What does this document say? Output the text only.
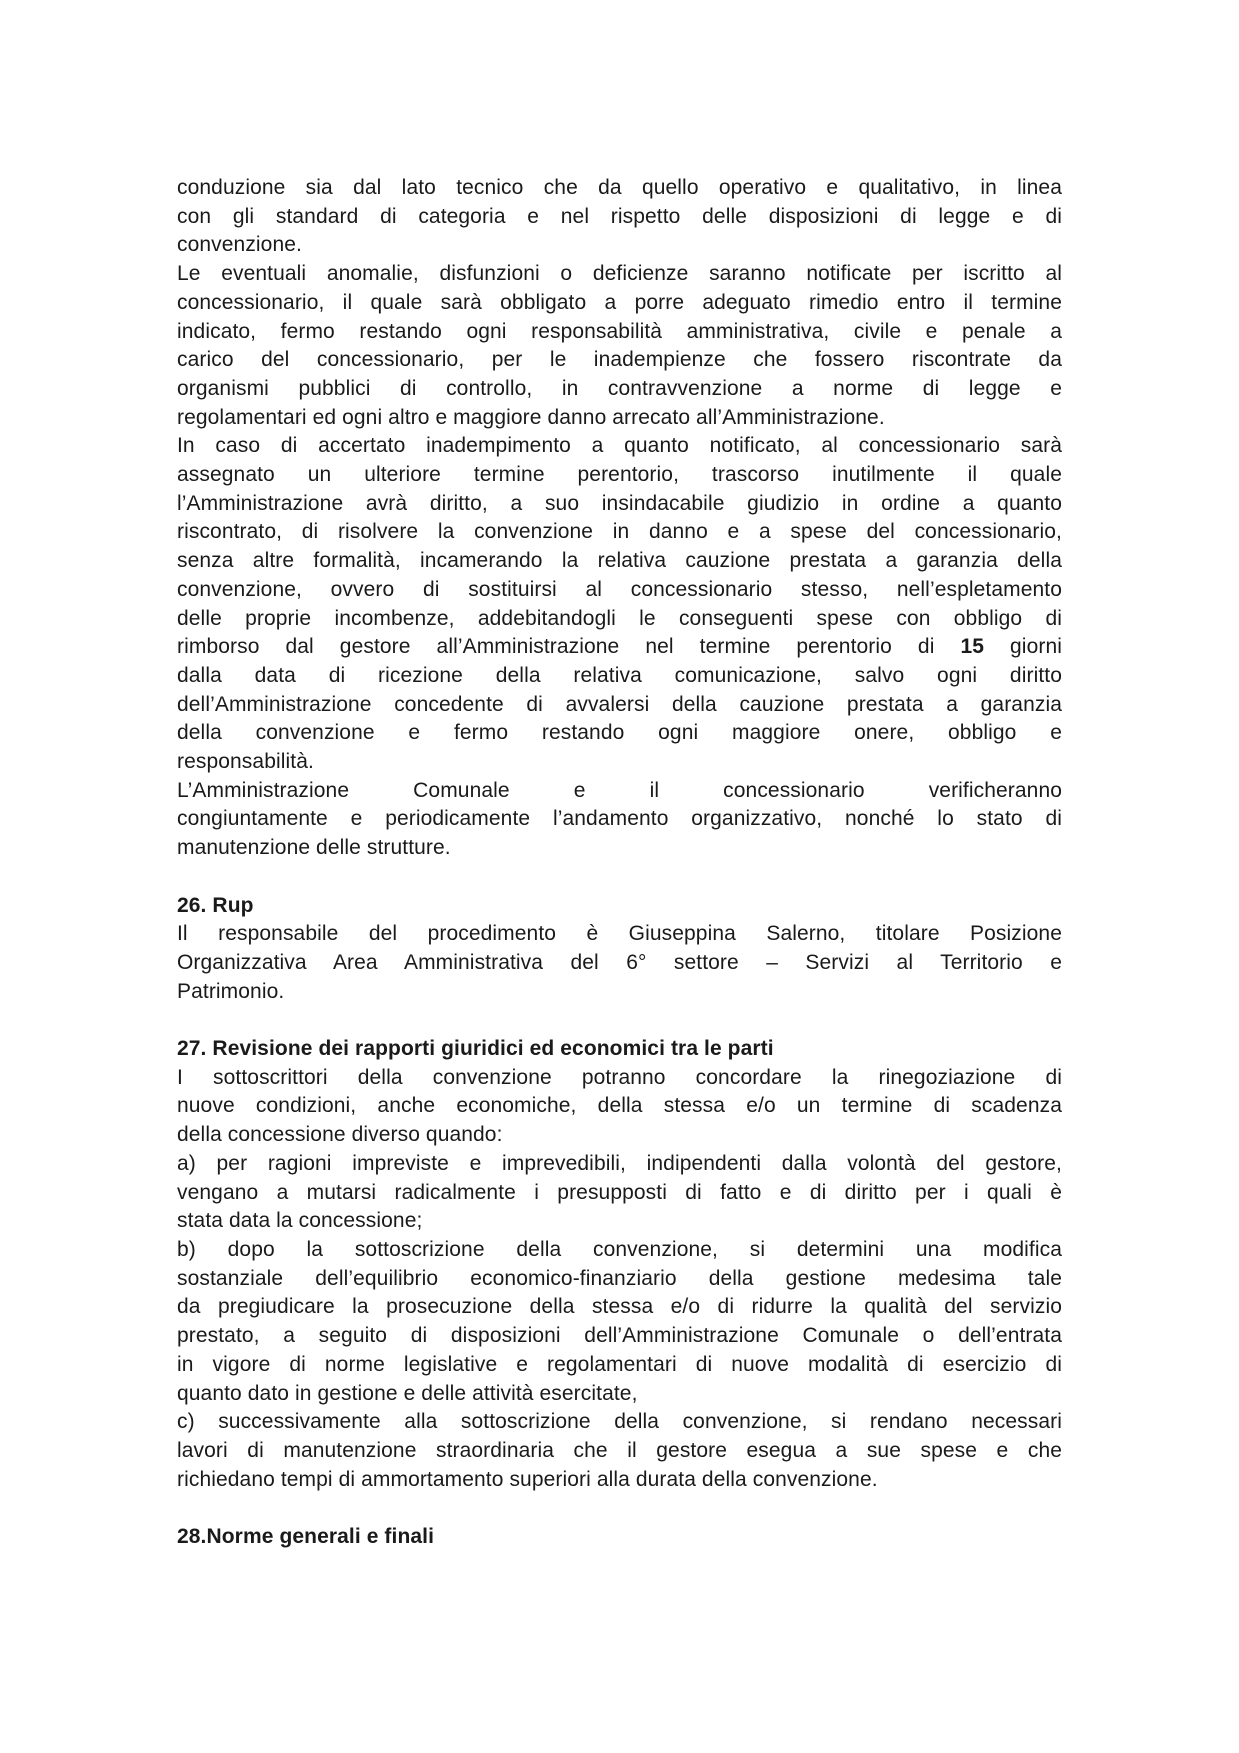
conduzione sia dal lato tecnico che da quello operativo e qualitativo, in linea
con gli standard di categoria e nel rispetto delle disposizioni di legge e di
convenzione.
Le eventuali anomalie, disfunzioni o deficienze saranno notificate per iscritto al
concessionario, il quale sarà obbligato a porre adeguato rimedio entro il termine
indicato, fermo restando ogni responsabilità amministrativa, civile e penale a
carico del concessionario, per le inadempienze che fossero riscontrate da
organismi pubblici di controllo, in contravvenzione a norme di legge e
regolamentari ed ogni altro e maggiore danno arrecato all’Amministrazione.
In caso di accertato inadempimento a quanto notificato, al concessionario sarà
assegnato un ulteriore termine perentorio, trascorso inutilmente il quale
l’Amministrazione avrà diritto, a suo insindacabile giudizio in ordine a quanto
riscontrato, di risolvere la convenzione in danno e a spese del concessionario,
senza altre formalità, incamerando la relativa cauzione prestata a garanzia della
convenzione, ovvero di sostituirsi al concessionario stesso, nell’espletamento
delle proprie incombenze, addebitandogli le conseguenti spese con obbligo di
rimborso dal gestore all’Amministrazione nel termine perentorio di 15 giorni
dalla data di ricezione della relativa comunicazione, salvo ogni diritto
dell’Amministrazione concedente di avvalersi della cauzione prestata a garanzia
della convenzione e fermo restando ogni maggiore onere, obbligo e
responsabilità.
L’Amministrazione Comunale e il concessionario verificheranno
congiuntamente e periodicamente l’andamento organizzativo, nonché lo stato di
manutenzione delle strutture.
26. Rup
Il responsabile del procedimento è Giuseppina Salerno, titolare Posizione
Organizzativa Area Amministrativa del 6° settore – Servizi al Territorio e
Patrimonio.
27. Revisione dei rapporti giuridici ed economici tra le parti
I sottoscrittori della convenzione potranno concordare la rinegoziazione di
nuove condizioni, anche economiche, della stessa e/o un termine di scadenza
della concessione diverso quando:
a) per ragioni impreviste e imprevedibili, indipendenti dalla volontà del gestore,
vengano a mutarsi radicalmente i presupposti di fatto e di diritto per i quali è
stata data la concessione;
b) dopo la sottoscrizione della convenzione, si determini una modifica
sostanziale dell’equilibrio economico-finanziario della gestione medesima tale
da pregiudicare la prosecuzione della stessa e/o di ridurre la qualità del servizio
prestato, a seguito di disposizioni dell’Amministrazione Comunale o dell’entrata
in vigore di norme legislative e regolamentari di nuove modalità di esercizio di
quanto dato in gestione e delle attività esercitate,
c) successivamente alla sottoscrizione della convenzione, si rendano necessari
lavori di manutenzione straordinaria che il gestore esegua a sue spese e che
richiedano tempi di ammortamento superiori alla durata della convenzione.
28.Norme generali e finali
